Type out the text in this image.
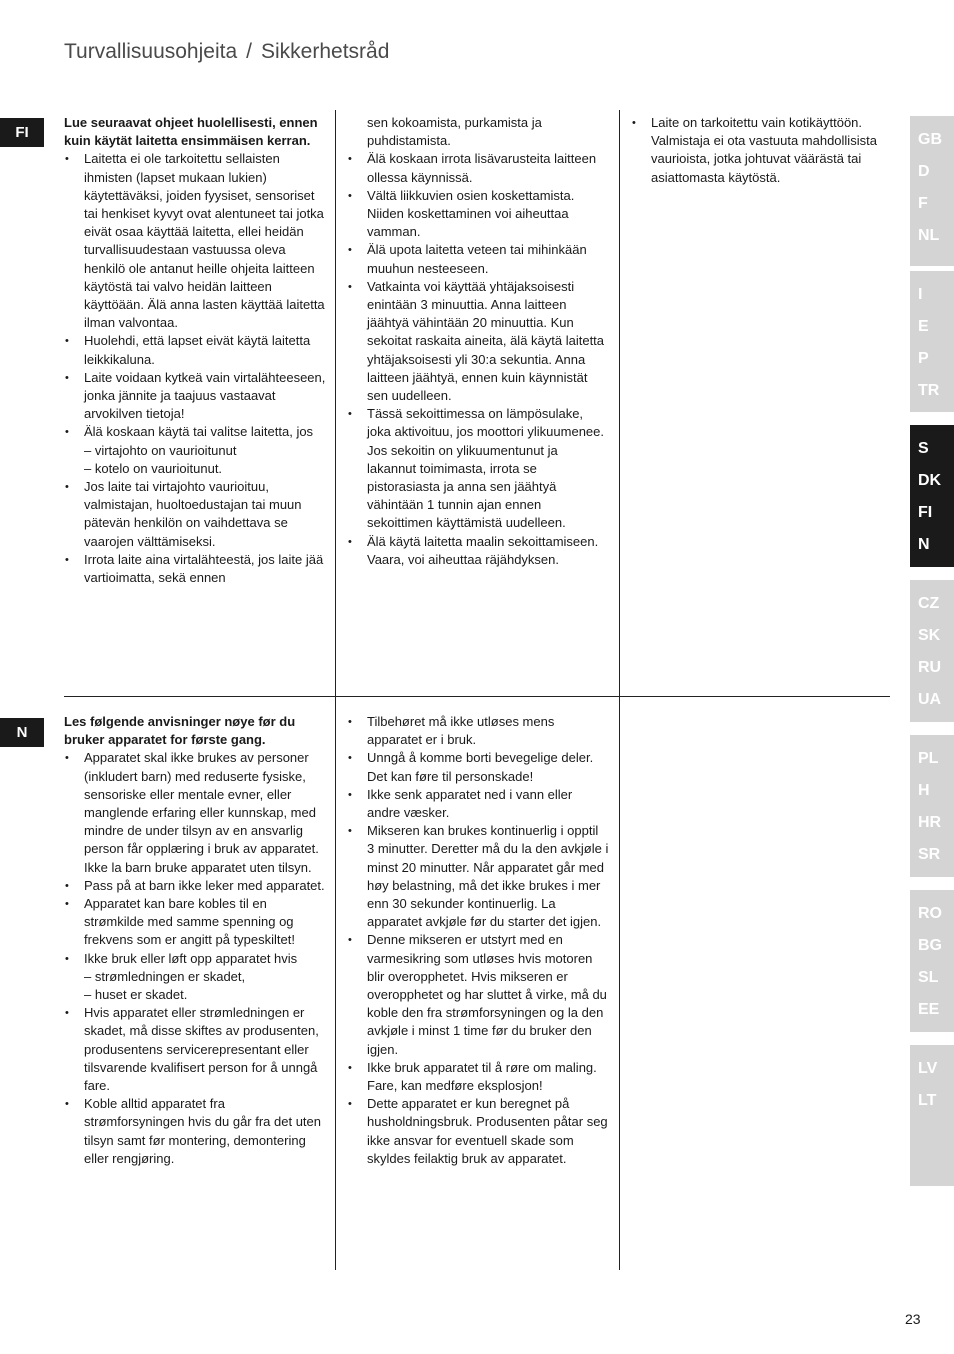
Turvallisuusohjeita / Sikkerhetsråd
FI
N

Lue seuraavat ohjeet huolellisesti, ennen kuin käytät laitetta ensimmäisen kerran.

• Laitetta ei ole tarkoitettu sellaisten ihmisten (lapset mukaan lukien) käytettäväksi, joiden fyysiset, sensoriset tai henkiset kyvyt ovat alentuneet tai jotka eivät osaa käyttää laitetta, ellei heidän turvallisuudestaan vastuussa oleva henkilö ole antanut heille ohjeita laitteen käytöstä tai valvo heidän laitteen käyttöään. Älä anna lasten käyttää laitetta ilman valvontaa.
• Huolehdi, että lapset eivät käytä laitetta leikkikaluna.
• Laite voidaan kytkeä vain virtalähteeseen, jonka jännite ja taajuus vastaavat arvokilven tietoja!
• Älä koskaan käytä tai valitse laitetta, jos
– virtajohto on vaurioitunut
– kotelo on vaurioitunut.
• Jos laite tai virtajohto vaurioituu, valmistajan, huoltoedustajan tai muun pätevän henkilön on vaihdettava se vaarojen välttämiseksi.
• Irrota laite aina virtalähteestä, jos laite jää vartioimatta, sekä ennen
sen kokoamista, purkamista ja puhdistamista.
• Älä koskaan irrota lisävarusteita laitteen ollessa käynnissä.
• Vältä liikkuvien osien koskettamista. Niiden koskettaminen voi aiheuttaa vamman.
• Älä upota laitetta veteen tai mihinkään muuhun nesteeseen.
• Vatkainta voi käyttää yhtäjaksoisesti enintään 3 minuuttia. Anna laitteen jäähtyä vähintään 20 minuuttia. Kun sekoitat raskaita aineita, älä käytä laitetta yhtäjaksoisesti yli 30:a sekuntia. Anna laitteen jäähtyä, ennen kuin käynnistät sen uudelleen.
• Tässä sekoittimessa on lämpösulake, joka aktivoituu, jos moottori ylikuumenee.
Jos sekoitin on ylikuumentunut ja lakannut toimimasta, irrota se pistorasiasta ja anna sen jäähtyä vähintään 1 tunnin ajan ennen sekoittimen käyttämistä uudelleen.
• Älä käytä laitetta maalin sekoittamiseen. Vaara, voi aiheuttaa räjähdyksen.
• Laite on tarkoitettu vain kotikäyttöön. Valmistaja ei ota vastuuta mahdollisista vaurioista, jotka johtuvat väärästä tai asiattomasta käytöstä.

Les følgende anvisninger nøye før du bruker apparatet for første gang.

• Apparatet skal ikke brukes av personer (inkludert barn) med reduserte fysiske, sensoriske eller mentale evner, eller manglende erfaring eller kunnskap, med mindre de under tilsyn av en ansvarlig person får opplæring i bruk av apparatet. Ikke la barn bruke apparatet uten tilsyn.
• Pass på at barn ikke leker med apparatet.
• Apparatet kan bare kobles til en strømkilde med samme spenning og frekvens som er angitt på typeskiltet!
• Ikke bruk eller løft opp apparatet hvis
– strømledningen er skadet,
– huset er skadet.
• Hvis apparatet eller strømledningen er skadet, må disse skiftes av produsenten, produsentens servicerepresentant eller tilsvarende kvalifisert person for å unngå fare.
• Koble alltid apparatet fra strømforsyningen hvis du går fra det uten tilsyn samt før montering, demontering eller rengjøring.
• Tilbehøret må ikke utløses mens apparatet er i bruk.
• Unngå å komme borti bevegelige deler. Det kan føre til personskade!
• Ikke senk apparatet ned i vann eller andre væsker.
• Mikseren kan brukes kontinuerlig i opptil 3 minutter. Deretter må du la den avkjøle i minst 20 minutter. Når apparatet går med høy belastning, må det ikke brukes i mer enn 30 sekunder kontinuerlig. La apparatet avkjøle før du starter det igjen.
• Denne mikseren er utstyrt med en varmesikring som utløses hvis motoren blir overopphetet. Hvis mikseren er overopphetet og har sluttet å virke, må du koble den fra strømforsyningen og la den avkjøle i minst 1 time før du bruker den igjen.
• Ikke bruk apparatet til å røre om maling. Fare, kan medføre eksplosjon!
• Dette apparatet er kun beregnet på husholdningsbruk. Produsenten påtar seg ikke ansvar for eventuell skade som skyldes feilaktig bruk av apparatet.
GB
D
F
NL
I
E
P
TR
S
DK
FI
N
CZ
SK
RU
UA
PL
H
HR
SR
RO
BG
SL
EE
LV
LT
23
